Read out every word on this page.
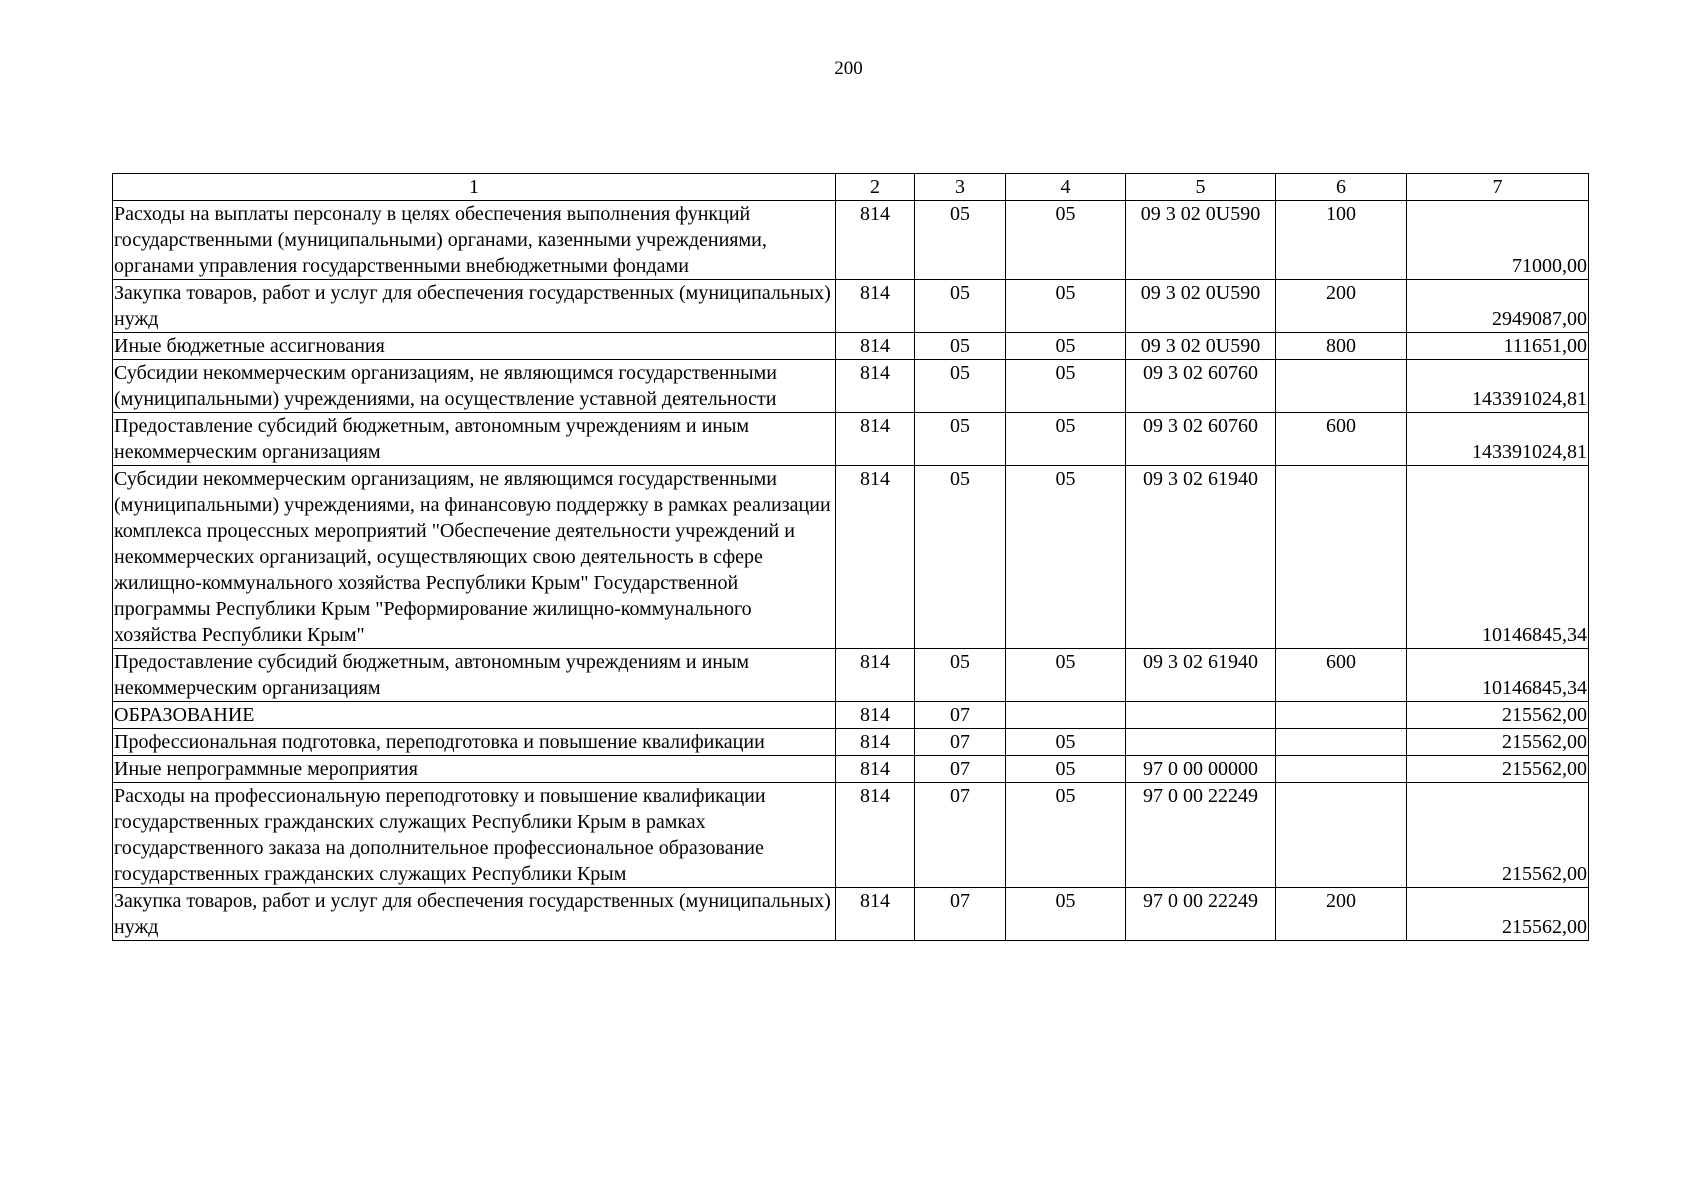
200
1	2	3	4	5	6	7
Расходы на выплаты персоналу в целях обеспечения выполнения функций государственными (муниципальными) органами, казенными учреждениями, органами управления государственными внебюджетными фондами	814	05	05	09 3 02 0U590	100	71000,00
Закупка товаров, работ и услуг для обеспечения государственных (муниципальных) нужд	814	05	05	09 3 02 0U590	200	2949087,00
Иные бюджетные ассигнования	814	05	05	09 3 02 0U590	800	111651,00
Субсидии некоммерческим организациям, не являющимся государственными (муниципальными) учреждениями, на осуществление уставной деятельности	814	05	05	09 3 02 60760		143391024,81
Предоставление субсидий бюджетным, автономным учреждениям и иным некоммерческим организациям	814	05	05	09 3 02 60760	600	143391024,81
Субсидии некоммерческим организациям, не являющимся государственными (муниципальными) учреждениями, на финансовую поддержку в рамках реализации комплекса процессных мероприятий "Обеспечение деятельности учреждений и некоммерческих организаций, осуществляющих свою деятельность в сфере жилищно-коммунального хозяйства Республики Крым" Государственной программы Республики Крым "Реформирование жилищно-коммунального хозяйства Республики Крым"	814	05	05	09 3 02 61940		10146845,34
Предоставление субсидий бюджетным, автономным учреждениям и иным некоммерческим организациям	814	05	05	09 3 02 61940	600	10146845,34
ОБРАЗОВАНИЕ	814	07				215562,00
Профессиональная подготовка, переподготовка и повышение квалификации	814	07	05			215562,00
Иные непрограммные мероприятия	814	07	05	97 0 00 00000		215562,00
Расходы на профессиональную переподготовку и повышение квалификации государственных гражданских служащих Республики Крым в рамках государственного заказа на дополнительное профессиональное образование государственных гражданских служащих Республики Крым	814	07	05	97 0 00 22249		215562,00
Закупка товаров, работ и услуг для обеспечения государственных (муниципальных) нужд	814	07	05	97 0 00 22249	200	215562,00
